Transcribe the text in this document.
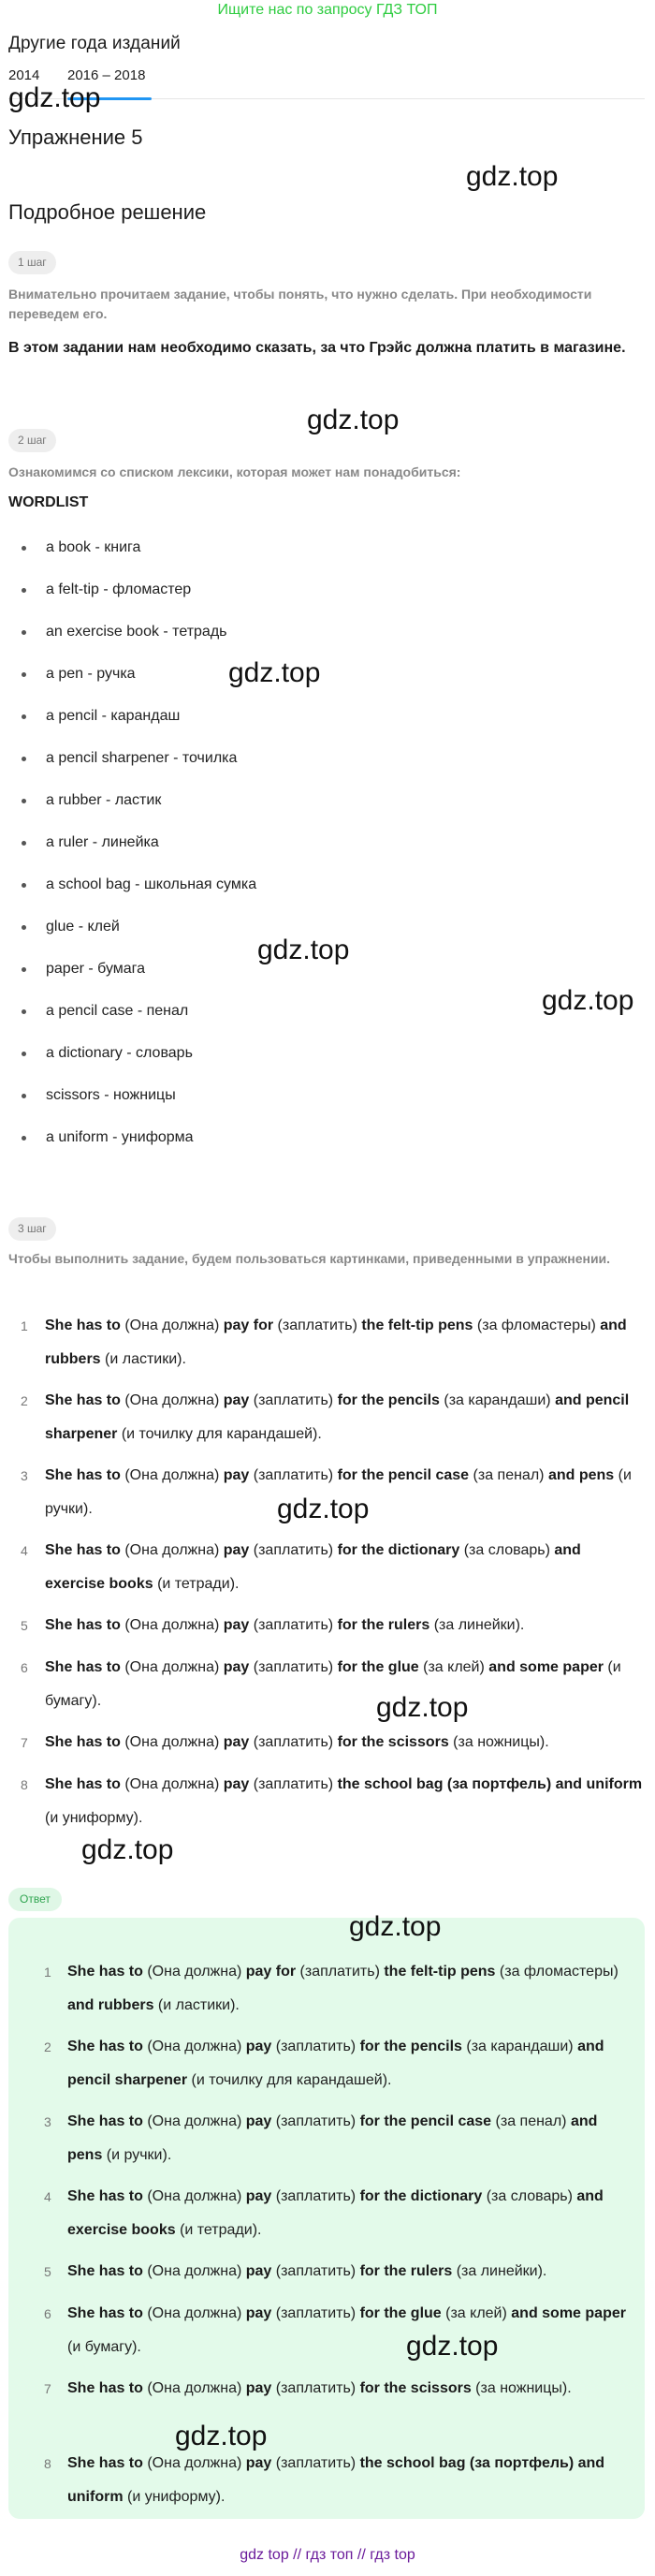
Ищите нас по запросу ГДЗ ТОП
Другие года изданий
2014 2016 – 2018
Упражнение 5
Подробное решение
1 шаг
Внимательно прочитаем задание, чтобы понять, что нужно сделать. При необходимости переведем его.
В этом задании нам необходимо сказать, за что Грэйс должна платить в магазине.
2 шаг
Ознакомимся со списком лексики, которая может нам понадобиться:
WORDLIST
a book - книга
a felt-tip - фломастер
an exercise book - тетрадь
a pen - ручка
a pencil - карандаш
a pencil sharpener - точилка
a rubber - ластик
a ruler - линейка
a school bag - школьная сумка
glue - клей
paper - бумага
a pencil case - пенал
a dictionary - словарь
scissors - ножницы
a uniform - униформа
3 шаг
Чтобы выполнить задание, будем пользоваться картинками, приведенными в упражнении.
1 She has to (Она должна) pay for (заплатить) the felt-tip pens (за фломастеры) and rubbers (и ластики).
2 She has to (Она должна) pay (заплатить) for the pencils (за карандаши) and pencil sharpener (и точилку для карандашей).
3 She has to (Она должна) pay (заплатить) for the pencil case (за пенал) and pens (и ручки).
4 She has to (Она должна) pay (заплатить) for the dictionary (за словарь) and exercise books (и тетради).
5 She has to (Она должна) pay (заплатить) for the rulers (за линейки).
6 She has to (Она должна) pay (заплатить) for the glue (за клей) and some paper (и бумагу).
7 She has to (Она должна) pay (заплатить) for the scissors (за ножницы).
8 She has to (Она должна) pay (заплатить) the school bag (за портфель) and uniform (и униформу).
Ответ
1 She has to (Она должна) pay for (заплатить) the felt-tip pens (за фломастеры) and rubbers (и ластики).
2 She has to (Она должна) pay (заплатить) for the pencils (за карандаши) and pencil sharpener (и точилку для карандашей).
3 She has to (Она должна) pay (заплатить) for the pencil case (за пенал) and pens (и ручки).
4 She has to (Она должна) pay (заплатить) for the dictionary (за словарь) and exercise books (и тетради).
5 She has to (Она должна) pay (заплатить) for the rulers (за линейки).
6 She has to (Она должна) pay (заплатить) for the glue (за клей) and some paper (и бумагу).
7 She has to (Она должна) pay (заплатить) for the scissors (за ножницы).
8 She has to (Она должна) pay (заплатить) the school bag (за портфель) and uniform (и униформу).
gdz.top
gdz.top
gdz.top
gdz.top
gdz.top
gdz.top
gdz.top
gdz.top
gdz.top
gdz.top
gdz.top
gdz.top
gdz top // гдз топ // гдз top
